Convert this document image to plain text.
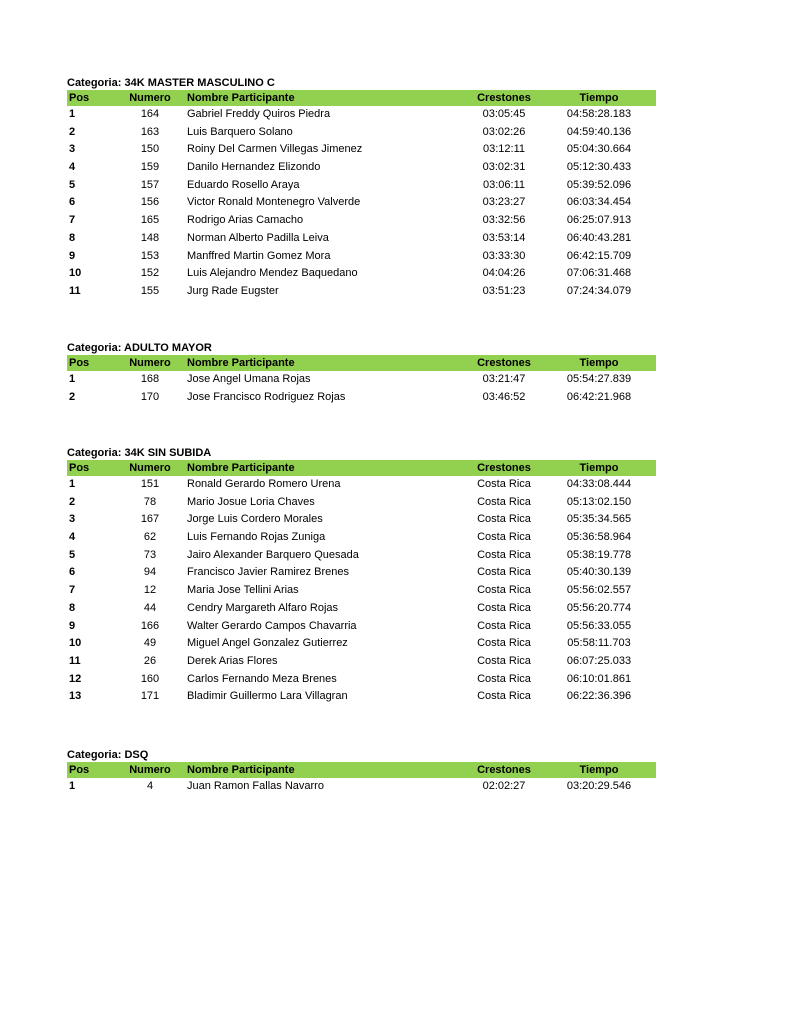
Categoria: 34K MASTER MASCULINO C
Pos	Numero	Nombre Participante	Crestones	Tiempo
1	164	Gabriel Freddy Quiros Piedra	03:05:45	04:58:28.183
2	163	Luis Barquero Solano	03:02:26	04:59:40.136
3	150	Roiny Del Carmen Villegas Jimenez	03:12:11	05:04:30.664
4	159	Danilo Hernandez Elizondo	03:02:31	05:12:30.433
5	157	Eduardo Rosello Araya	03:06:11	05:39:52.096
6	156	Victor Ronald Montenegro Valverde	03:23:27	06:03:34.454
7	165	Rodrigo Arias Camacho	03:32:56	06:25:07.913
8	148	Norman Alberto Padilla Leiva	03:53:14	06:40:43.281
9	153	Manffred Martin Gomez Mora	03:33:30	06:42:15.709
10	152	Luis Alejandro Mendez Baquedano	04:04:26	07:06:31.468
11	155	Jurg Rade Eugster	03:51:23	07:24:34.079
Categoria: ADULTO MAYOR
Pos	Numero	Nombre Participante	Crestones	Tiempo
1	168	Jose Angel Umana Rojas	03:21:47	05:54:27.839
2	170	Jose Francisco Rodriguez Rojas	03:46:52	06:42:21.968
Categoria: 34K SIN SUBIDA
Pos	Numero	Nombre Participante	Crestones	Tiempo
1	151	Ronald Gerardo Romero Urena	Costa Rica	04:33:08.444
2	78	Mario Josue Loria Chaves	Costa Rica	05:13:02.150
3	167	Jorge Luis Cordero Morales	Costa Rica	05:35:34.565
4	62	Luis Fernando Rojas Zuniga	Costa Rica	05:36:58.964
5	73	Jairo Alexander Barquero Quesada	Costa Rica	05:38:19.778
6	94	Francisco Javier Ramirez Brenes	Costa Rica	05:40:30.139
7	12	Maria Jose Tellini Arias	Costa Rica	05:56:02.557
8	44	Cendry Margareth Alfaro Rojas	Costa Rica	05:56:20.774
9	166	Walter Gerardo Campos Chavarria	Costa Rica	05:56:33.055
10	49	Miguel Angel Gonzalez Gutierrez	Costa Rica	05:58:11.703
11	26	Derek Arias Flores	Costa Rica	06:07:25.033
12	160	Carlos Fernando Meza Brenes	Costa Rica	06:10:01.861
13	171	Bladimir Guillermo Lara Villagran	Costa Rica	06:22:36.396
Categoria: DSQ
Pos	Numero	Nombre Participante	Crestones	Tiempo
1	4	Juan Ramon Fallas Navarro	02:02:27	03:20:29.546
